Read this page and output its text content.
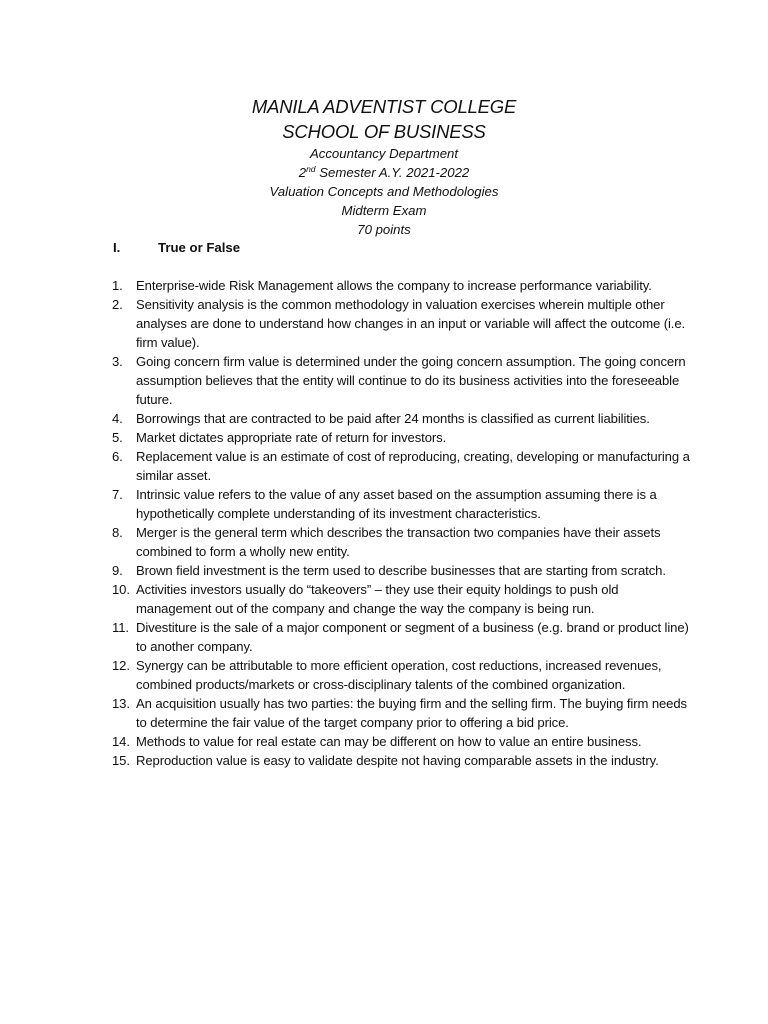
MANILA ADVENTIST COLLEGE
SCHOOL OF BUSINESS
Accountancy Department
2nd Semester A.Y. 2021-2022
Valuation Concepts and Methodologies
Midterm Exam
70 points
I.	True or False
1.	Enterprise-wide Risk Management allows the company to increase performance variability.
2.	Sensitivity analysis is the common methodology in valuation exercises wherein multiple other analyses are done to understand how changes in an input or variable will affect the outcome (i.e. firm value).
3.	Going concern firm value is determined under the going concern assumption. The going concern assumption believes that the entity will continue to do its business activities into the foreseeable future.
4.	Borrowings that are contracted to be paid after 24 months is classified as current liabilities.
5.	Market dictates appropriate rate of return for investors.
6.	Replacement value is an estimate of cost of reproducing, creating, developing or manufacturing a similar asset.
7.	Intrinsic value refers to the value of any asset based on the assumption assuming there is a hypothetically complete understanding of its investment characteristics.
8.	Merger is the general term which describes the transaction two companies have their assets combined to form a wholly new entity.
9.	Brown field investment is the term used to describe businesses that are starting from scratch.
10. Activities investors usually do “takeovers” – they use their equity holdings to push old management out of the company and change the way the company is being run.
11. Divestiture is the sale of a major component or segment of a business (e.g. brand or product line) to another company.
12. Synergy can be attributable to more efficient operation, cost reductions, increased revenues, combined products/markets or cross-disciplinary talents of the combined organization.
13. An acquisition usually has two parties: the buying firm and the selling firm. The buying firm needs to determine the fair value of the target company prior to offering a bid price.
14. Methods to value for real estate can may be different on how to value an entire business.
15. Reproduction value is easy to validate despite not having comparable assets in the industry.
